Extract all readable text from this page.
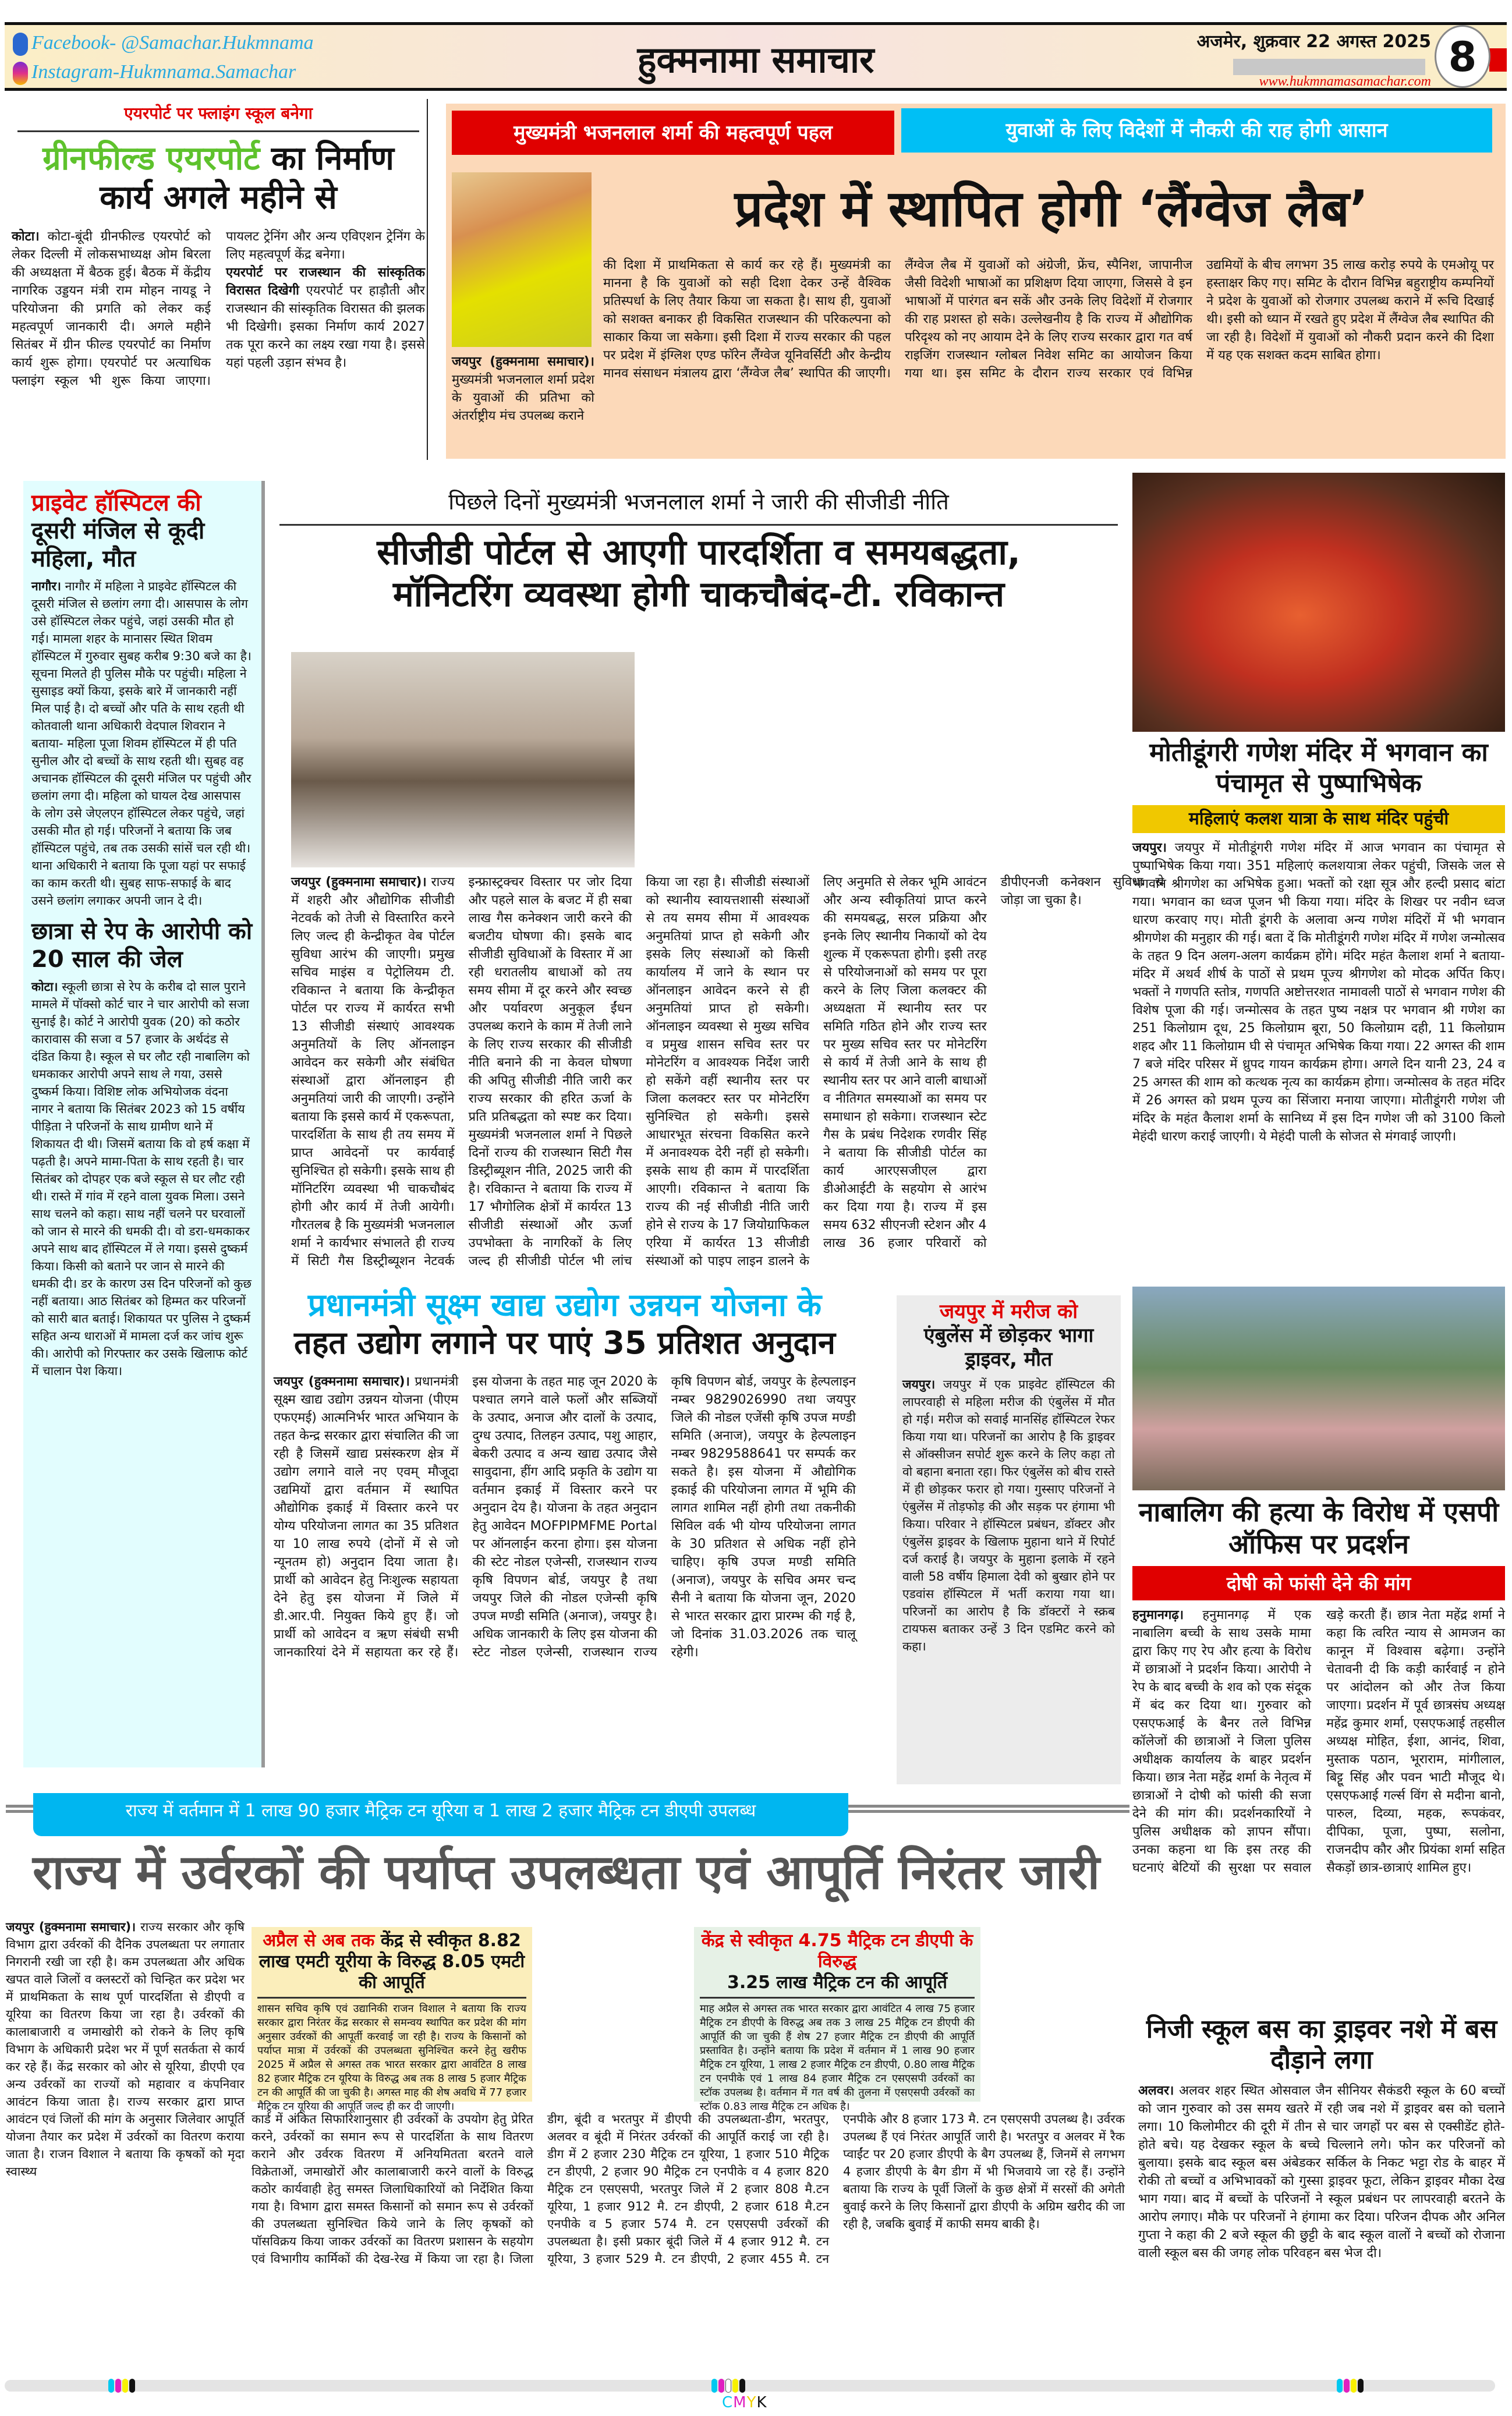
Facebook- @Samachar.Hukmnama
Instagram-Hukmnama.Samachar	हुक्मनामा समाचार	अजमेर, शुक्रवार 22 अगस्त 2025
www.hukmnamasamachar.com
8
एयरपोर्ट पर फ्लाइंग स्कूल बनेगा
ग्रीनफील्ड एयरपोर्ट का निर्माण
कार्य अगले महीने से
कोटा। कोटा-बूंदी ग्रीनफील्ड एयरपोर्ट को लेकर दिल्ली में लोकसभाध्यक्ष ओम बिरला की अध्यक्षता में बैठक हुई। बैठक में केंद्रीय नागरिक उड्डयन मंत्री राम मोहन नायडू ने परियोजना की प्रगति को लेकर कई महत्वपूर्ण जानकारी दी। अगले महीने सितंबर में ग्रीन फील्ड एयरपोर्ट का निर्माण कार्य शुरू होगा। एयरपोर्ट पर अत्याधिक फ्लाइंग स्कूल भी शुरू किया जाएगा। पायलट ट्रेनिंग और अन्य एविएशन ट्रेनिंग के लिए महत्वपूर्ण केंद्र बनेगा।
एयरपोर्ट पर राजस्थान की सांस्कृतिक विरासत दिखेगी एयरपोर्ट पर हाड़ौती और राजस्थान की सांस्कृतिक विरासत की झलक भी दिखेगी। इसका निर्माण कार्य 2027 तक पूरा करने का लक्ष्य रखा गया है। इससे यहां पहली उड़ान संभव है।
मुख्यमंत्री भजनलाल शर्मा की महत्वपूर्ण पहल	युवाओं के लिए विदेशों में नौकरी की राह होगी आसान
प्रदेश में स्थापित होगी ‘लैंग्वेज लैब’
जयपुर (हुक्मनामा समाचार)। मुख्यमंत्री भजनलाल शर्मा प्रदेश के युवाओं की प्रतिभा को अंतर्राष्ट्रीय मंच उपलब्ध कराने
की दिशा में प्राथमिकता से कार्य कर रहे हैं। मुख्यमंत्री का मानना है कि युवाओं को सही दिशा देकर उन्हें वैश्विक प्रतिस्पर्धा के लिए तैयार किया जा सकता है। साथ ही, युवाओं को सशक्त बनाकर ही विकसित राजस्थान की परिकल्पना को साकार किया जा सकेगा। इसी दिशा में राज्य सरकार की पहल पर प्रदेश में इंग्लिश एण्ड फॉरेन लैंग्वेज यूनिवर्सिटी और केन्द्रीय मानव संसाधन मंत्रालय द्वारा ‘लैंग्वेज लैब’ स्थापित की जाएगी। लैंग्वेज लैब में युवाओं को अंग्रेजी, फ्रेंच, स्पैनिश, जापानीज जैसी विदेशी भाषाओं का प्रशिक्षण दिया जाएगा, जिससे वे इन भाषाओं में पारंगत बन सकें और उनके लिए विदेशों में रोजगार की राह प्रशस्त हो सके। उल्लेखनीय है कि राज्य में औद्योगिक परिदृश्य को नए आयाम देने के लिए राज्य सरकार द्वारा गत वर्ष राइजिंग राजस्थान ग्लोबल निवेश समिट का आयोजन किया गया था। इस समिट के दौरान राज्य सरकार एवं विभिन्न उद्यमियों के बीच लगभग 35 लाख करोड़ रुपये के एमओयू पर हस्ताक्षर किए गए। समिट के दौरान विभिन्न बहुराष्ट्रीय कम्पनियों ने प्रदेश के युवाओं को रोजगार उपलब्ध कराने में रूचि दिखाई थी। इसी को ध्यान में रखते हुए प्रदेश में लैंग्वेज लैब स्थापित की जा रही है। विदेशों में युवाओं को नौकरी प्रदान करने की दिशा में यह एक सशक्त कदम साबित होगा।
प्राइवेट हॉस्पिटल की
दूसरी मंजिल से कूदी महिला, मौत
नागौर। नागौर में महिला ने प्राइवेट हॉस्पिटल की दूसरी मंजिल से छलांग लगा दी। आसपास के लोग उसे हॉस्पिटल लेकर पहुंचे, जहां उसकी मौत हो गई। मामला शहर के मानासर स्थित शिवम हॉस्पिटल में गुरुवार सुबह करीब 9:30 बजे का है। सूचना मिलते ही पुलिस मौके पर पहुंची। महिला ने सुसाइड क्यों किया, इसके बारे में जानकारी नहीं मिल पाई है। दो बच्चों और पति के साथ रहती थी कोतवाली थाना अधिकारी वेदपाल शिवरान ने बताया- महिला पूजा शिवम हॉस्पिटल में ही पति सुनील और दो बच्चों के साथ रहती थी। सुबह वह अचानक हॉस्पिटल की दूसरी मंजिल पर पहुंची और छलांग लगा दी। महिला को घायल देख आसपास के लोग उसे जेएलएन हॉस्पिटल लेकर पहुंचे, जहां उसकी मौत हो गई। परिजनों ने बताया कि जब हॉस्पिटल पहुंचे, तब तक उसकी सांसें चल रही थी। थाना अधिकारी ने बताया कि पूजा यहां पर सफाई का काम करती थी। सुबह साफ-सफाई के बाद उसने छलांग लगाकर अपनी जान दे दी।
छात्रा से रेप के आरोपी को 20 साल की जेल
कोटा। स्कूली छात्रा से रेप के करीब दो साल पुराने मामले में पॉक्सो कोर्ट चार ने चार आरोपी को सजा सुनाई है। कोर्ट ने आरोपी युवक (20) को कठोर कारावास की सजा व 57 हजार के अर्थदंड से दंडित किया है। स्कूल से घर लौट रही नाबालिग को धमकाकर आरोपी अपने साथ ले गया, उससे दुष्कर्म किया। विशिष्ट लोक अभियोजक वंदना नागर ने बताया कि सितंबर 2023 को 15 वर्षीय पीड़िता ने परिजनों के साथ ग्रामीण थाने में शिकायत दी थी। जिसमें बताया कि वो हर्ष कक्षा में पढ़ती है। अपने मामा-पिता के साथ रहती है। चार सितंबर को दोपहर एक बजे स्कूल से घर लौट रही थी। रास्ते में गांव में रहने वाला युवक मिला। उसने साथ चलने को कहा। साथ नहीं चलने पर घरवालों को जान से मारने की धमकी दी। वो डरा-धमकाकर अपने साथ बाद हॉस्पिटल में ले गया। इससे दुष्कर्म किया। किसी को बताने पर जान से मारने की धमकी दी। डर के कारण उस दिन परिजनों को कुछ नहीं बताया। आठ सितंबर को हिम्मत कर परिजनों को सारी बात बताई। शिकायत पर पुलिस ने दुष्कर्म सहित अन्य धाराओं में मामला दर्ज कर जांच शुरू की। आरोपी को गिरफ्तार कर उसके खिलाफ कोर्ट में चालान पेश किया।
पिछले दिनों मुख्यमंत्री भजनलाल शर्मा ने जारी की सीजीडी नीति
सीजीडी पोर्टल से आएगी पारदर्शिता व समयबद्धता,
मॉनिटरिंग व्यवस्था होगी चाकचौबंद-टी. रविकान्त
जयपुर (हुक्मनामा समाचार)। राज्य में शहरी और औद्योगिक सीजीडी नेटवर्क को तेजी से विस्तारित करने लिए जल्द ही केन्द्रीकृत वेब पोर्टल सुविधा आरंभ की जाएगी। प्रमुख सचिव माइंस व पेट्रोलियम टी. रविकान्त ने बताया कि केन्द्रीकृत पोर्टल पर राज्य में कार्यरत सभी 13 सीजीडी संस्थाएं आवश्यक अनुमतियों के लिए ऑनलाइन आवेदन कर सकेगी और संबंधित संस्थाओं द्वारा ऑनलाइन ही अनुमतियां जारी की जाएगी। उन्होंने बताया कि इससे कार्य में एकरूपता, पारदर्शिता के साथ ही तय समय में प्राप्त आवेदनों पर कार्यवाई सुनिश्चित हो सकेगी। इसके साथ ही मॉनिटरिंग व्यवस्था भी चाकचौबंद होगी और कार्य में तेजी आयेगी। गौरतलब है कि मुख्यमंत्री भजनलाल शर्मा ने कार्यभार संभालते ही राज्य में सिटी गैस डिस्ट्रीब्यूशन नेटवर्क इन्फ्रास्ट्रक्चर विस्तार पर जोर दिया और पहले साल के बजट में ही सबा लाख गैस कनेक्शन जारी करने की बजटीय घोषणा की। इसके बाद सीजीडी सुविधाओं के विस्तार में आ रही धरातलीय बाधाओं को तय समय सीमा में दूर करने और स्वच्छ और पर्यावरण अनुकूल ईंधन उपलब्ध कराने के काम में तेजी लाने के लिए राज्य सरकार की सीजीडी नीति बनाने की ना केवल घोषणा की अपितु सीजीडी नीति जारी कर राज्य सरकार की हरित ऊर्जा के प्रति प्रतिबद्धता को स्पष्ट कर दिया। मुख्यमंत्री भजनलाल शर्मा ने पिछले दिनों राज्य की राजस्थान सिटी गैस डिस्ट्रीब्यूशन नीति, 2025 जारी की है। रविकान्त ने बताया कि राज्य में 17 भौगोलिक क्षेत्रों में कार्यरत 13 सीजीडी संस्थाओं और ऊर्जा उपभोक्ता के नागरिकों के लिए जल्द ही सीजीडी पोर्टल भी लांच किया जा रहा है। सीजीडी संस्थाओं को स्थानीय स्वायत्तशासी संस्थाओं से तय समय सीमा में आवश्यक अनुमतियां प्राप्त हो सकेगी और इसके लिए संस्थाओं को किसी कार्यालय में जाने के स्थान पर ऑनलाइन आवेदन करने से ही अनुमतियां प्राप्त हो सकेगी। ऑनलाइन व्यवस्था से मुख्य सचिव व प्रमुख शासन सचिव स्तर पर मोनेटरिंग व आवश्यक निर्देश जारी हो सकेंगे वहीं स्थानीय स्तर पर जिला कलक्टर स्तर पर मोनेटरिंग सुनिश्चित हो सकेगी। इससे आधारभूत संरचना विकसित करने में अनावश्यक देरी नहीं हो सकेगी। इसके साथ ही काम में पारदर्शिता आएगी। रविकान्त ने बताया कि राज्य की नई सीजीडी नीति जारी होने से राज्य के 17 जियोग्राफिकल एरिया में कार्यरत 13 सीजीडी संस्थाओं को पाइप लाइन डालने के लिए अनुमति से लेकर भूमि आवंटन और अन्य स्वीकृतियां प्राप्त करने की समयबद्ध, सरल प्रक्रिया और इनके लिए स्थानीय निकायों को देय शुल्क में एकरूपता होगी। इसी तरह से परियोजनाओं को समय पर पूरा करने के लिए जिला कलक्टर की अध्यक्षता में स्थानीय स्तर पर समिति गठित होने और राज्य स्तर पर मुख्य सचिव स्तर पर मोनेटरिंग से कार्य में तेजी आने के साथ ही स्थानीय स्तर पर आने वाली बाधाओं व नीतिगत समस्याओं का समय पर समाधान हो सकेगा। राजस्थान स्टेट गैस के प्रबंध निदेशक रणवीर सिंह ने बताया कि सीजीडी पोर्टल का कार्य आरएसजीएल द्वारा डीओआईटी के सहयोग से आरंभ कर दिया गया है। राज्य में इस समय 632 सीएनजी स्टेशन और 4 लाख 36 हजार परिवारों को डीपीएनजी कनेक्शन सुविधा से जोड़ा जा चुका है।
मोतीडूंगरी गणेश मंदिर में भगवान का पंचामृत से पुष्पाभिषेक
महिलाएं कलश यात्रा के साथ मंदिर पहुंची
जयपुर। जयपुर में मोतीडूंगरी गणेश मंदिर में आज भगवान का पंचामृत से पुष्पाभिषेक किया गया। 351 महिलाएं कलशयात्रा लेकर पहुंची, जिसके जल से भगवान श्रीगणेश का अभिषेक हुआ। भक्तों को रक्षा सूत्र और हल्दी प्रसाद बांटा गया। भगवान का ध्वज पूजन भी किया गया। मंदिर के शिखर पर नवीन ध्वज धारण करवाए गए। मोती डूंगरी के अलावा अन्य गणेश मंदिरों में भी भगवान श्रीगणेश की मनुहार की गई। बता दें कि मोतीडूंगरी गणेश मंदिर में गणेश जन्मोत्सव के तहत 9 दिन अलग-अलग कार्यक्रम होंगे। मंदिर महंत कैलाश शर्मा ने बताया- मंदिर में अथर्व शीर्ष के पाठों से प्रथम पूज्य श्रीगणेश को मोदक अर्पित किए। भक्तों ने गणपति स्तोत्र, गणपति अष्टोत्तरशत नामावली पाठों से भगवान गणेश की विशेष पूजा की गई। जन्मोत्सव के तहत पुष्य नक्षत्र पर भगवान श्री गणेश का 251 किलोग्राम दूध, 25 किलोग्राम बूरा, 50 किलोग्राम दही, 11 किलोग्राम शहद और 11 किलोग्राम घी से पंचामृत अभिषेक किया गया। 22 अगस्त की शाम 7 बजे मंदिर परिसर में ध्रुपद गायन कार्यक्रम होगा। अगले दिन यानी 23, 24 व 25 अगस्त की शाम को कत्थक नृत्य का कार्यक्रम होगा। जन्मोत्सव के तहत मंदिर में 26 अगस्त को प्रथम पूज्य का सिंजारा मनाया जाएगा। मोतीडूंगरी गणेश जी मंदिर के महंत कैलाश शर्मा के सानिध्य में इस दिन गणेश जी को 3100 किलो मेहंदी धारण कराई जाएगी। ये मेहंदी पाली के सोजत से मंगवाई जाएगी।
प्रधानमंत्री सूक्ष्म खाद्य उद्योग उन्नयन योजना के
तहत उद्योग लगाने पर पाएं 35 प्रतिशत अनुदान
जयपुर (हुक्मनामा समाचार)। प्रधानमंत्री सूक्ष्म खाद्य उद्योग उन्नयन योजना (पीएम एफएमई) आत्मनिर्भर भारत अभियान के तहत केन्द्र सरकार द्वारा संचालित की जा रही है जिसमें खाद्य प्रसंस्करण क्षेत्र में उद्योग लगाने वाले नए एवम् मौजूदा उद्यमियों द्वारा वर्तमान में स्थापित औद्योगिक इकाई में विस्तार करने पर योग्य परियोजना लागत का 35 प्रतिशत या 10 लाख रुपये (दोनों में से जो न्यूनतम हो) अनुदान दिया जाता है। प्रार्थी को आवेदन हेतु निःशुल्क सहायता देने हेतु इस योजना में जिले में डी.आर.पी. नियुक्त किये हुए हैं। जो प्रार्थी को आवेदन व ऋण संबंधी सभी जानकारियां देने में सहायता कर रहे हैं। इस योजना के तहत माह जून 2020 के पश्चात लगने वाले फलों और सब्जियों के उत्पाद, अनाज और दालों के उत्पाद, दुग्ध उत्पाद, तिलहन उत्पाद, पशु आहार, बेकरी उत्पाद व अन्य खाद्य उत्पाद जैसे सावुदाना, हींग आदि प्रकृति के उद्योग या वर्तमान इकाई में विस्तार करने पर अनुदान देय है। योजना के तहत अनुदान हेतु आवेदन MOFPIPMFME Portal पर ऑनलाईन करना होगा। इस योजना की स्टेट नोडल एजेन्सी, राजस्थान राज्य कृषि विपणन बोर्ड, जयपुर है तथा जयपुर जिले की नोडल एजेन्सी कृषि उपज मण्डी समिति (अनाज), जयपुर है। अधिक जानकारी के लिए इस योजना की स्टेट नोडल एजेन्सी, राजस्थान राज्य कृषि विपणन बोर्ड, जयपुर के हेल्पलाइन नम्बर 9829026990 तथा जयपुर जिले की नोडल एजेंसी कृषि उपज मण्डी समिति (अनाज), जयपुर के हेल्पलाइन नम्बर 9829588641 पर सम्पर्क कर सकते है। इस योजना में औद्योगिक इकाई की परियोजना लागत में भूमि की लागत शामिल नहीं होगी तथा तकनीकी सिविल वर्क भी योग्य परियोजना लागत के 30 प्रतिशत से अधिक नहीं होने चाहिए। कृषि उपज मण्डी समिति (अनाज), जयपुर के सचिव अमर चन्द सैनी ने बताया कि योजना जून, 2020 से भारत सरकार द्वारा प्रारम्भ की गई है, जो दिनांक 31.03.2026 तक चालू रहेगी।
जयपुर में मरीज को
एंबुलेंस में छोड़कर भागा ड्राइवर, मौत
जयपुर। जयपुर में एक प्राइवेट हॉस्पिटल की लापरवाही से महिला मरीज की एंबुलेंस में मौत हो गई। मरीज को सवाई मानसिंह हॉस्पिटल रेफर किया गया था। परिजनों का आरोप है कि ड्राइवर से ऑक्सीजन सपोर्ट शुरू करने के लिए कहा तो वो बहाना बनाता रहा। फिर एंबुलेंस को बीच रास्ते में ही छोड़कर फरार हो गया। गुस्साए परिजनों ने एंबुलेंस में तोड़फोड़ की और सड़क पर हंगामा भी किया। परिवार ने हॉस्पिटल प्रबंधन, डॉक्टर और एंबुलेंस ड्राइवर के खिलाफ मुहाना थाने में रिपोर्ट दर्ज कराई है। जयपुर के मुहाना इलाके में रहने वाली 58 वर्षीय हिमाला देवी को बुखार होने पर एडवांस हॉस्पिटल में भर्ती कराया गया था। परिजनों का आरोप है कि डॉक्टरों ने स्क्रब टायफस बताकर उन्हें 3 दिन एडमिट करने को कहा।
नाबालिग की हत्या के विरोध में एसपी ऑफिस पर प्रदर्शन
दोषी को फांसी देने की मांग
हनुमानगढ़। हनुमानगढ़ में एक नाबालिग बच्ची के साथ उसके मामा द्वारा किए गए रेप और हत्या के विरोध में छात्राओं ने प्रदर्शन किया। आरोपी ने रेप के बाद बच्ची के शव को एक संदूक में बंद कर दिया था। गुरुवार को एसएफआई के बैनर तले विभिन्न कॉलेजों की छात्राओं ने जिला पुलिस अधीक्षक कार्यालय के बाहर प्रदर्शन किया। छात्र नेता महेंद्र शर्मा के नेतृत्व में छात्राओं ने दोषी को फांसी की सजा देने की मांग की। प्रदर्शनकारियों ने पुलिस अधीक्षक को ज्ञापन सौंपा। उनका कहना था कि इस तरह की घटनाएं बेटियों की सुरक्षा पर सवाल खड़े करती हैं। छात्र नेता महेंद्र शर्मा ने कहा कि त्वरित न्याय से आमजन का कानून में विश्वास बढ़ेगा। उन्होंने चेतावनी दी कि कड़ी कार्रवाई न होने पर आंदोलन को और तेज किया जाएगा। प्रदर्शन में पूर्व छात्रसंघ अध्यक्ष महेंद्र कुमार शर्मा, एसएफआई तहसील अध्यक्ष मोहित, ईशा, आनंद, शिवा, मुस्ताक पठान, भूराराम, मांगीलाल, बिट्टू सिंह और पवन भाटी मौजूद थे। एसएफआई गर्ल्स विंग से मदीना बानो, पारुल, दिव्या, महक, रूपकंवर, दीपिका, पूजा, पुष्पा, सलोना, राजनदीप कौर और प्रियंका शर्मा सहित सैकड़ों छात्र-छात्राएं शामिल हुए।
राज्य में वर्तमान में 1 लाख 90 हजार मैट्रिक टन यूरिया व 1 लाख 2 हजार मैट्रिक टन डीएपी उपलब्ध
राज्य में उर्वरकों की पर्याप्त उपलब्धता एवं आपूर्ति निरंतर जारी
जयपुर (हुक्मनामा समाचार)। राज्य सरकार और कृषि विभाग द्वारा उर्वरकों की दैनिक उपलब्धता पर लगातार निगरानी रखी जा रही है। कम उपलब्धता और अधिक खपत वाले जिलों व क्लस्टरों को चिन्हित कर प्रदेश भर में प्राथमिकता के साथ पूर्ण पारदर्शिता से डीएपी व यूरिया का वितरण किया जा रहा है। उर्वरकों की कालाबाजारी व जमाखोरी को रोकने के लिए कृषि विभाग के अधिकारी प्रदेश भर में पूर्ण सतर्कता से कार्य कर रहे हैं। केंद्र सरकार को ओर से यूरिया, डीएपी एव अन्य उर्वरकों का राज्यों को महावार व कंपनिवार आवंटन किया जाता है। राज्य सरकार द्वारा प्राप्त आवंटन एवं जिलों की मांग के अनुसार जिलेवार आपूर्ति योजना तैयार कर प्रदेश में उर्वरकों का वितरण कराया जाता है। राजन विशाल ने बताया कि कृषकों को मृदा स्वास्थ्य
अप्रैल से अब तक केंद्र से स्वीकृत 8.82 लाख एमटी यूरीया के विरुद्ध 8.05 एमटी की आपूर्ति
शासन सचिव कृषि एवं उद्यानिकी राजन विशाल ने बताया कि राज्य सरकार द्वारा निरंतर केंद्र सरकार से समन्वय स्थापित कर प्रदेश की मांग अनुसार उर्वरकों की आपूर्ती करवाई जा रही है। राज्य के किसानों को पर्याप्त मात्रा में उर्वरकों की उपलब्धता सुनिश्चित करने हेतु खरीफ 2025 में अप्रैल से अगस्त तक भारत सरकार द्वारा आवंटित 8 लाख 82 हजार मैट्रिक टन यूरिया के विरुद्ध अब तक 8 लाख 5 हजार मैट्रिक टन की आपूर्ति की जा चुकी है। अगस्त माह की शेष अवधि में 77 हजार मैट्रिक टन यूरिया की आपूर्ति जल्द ही कर दी जाएगी।
केंद्र से स्वीकृत 4.75 मैट्रिक टन डीएपी के विरुद्ध
3.25 लाख मैट्रिक टन की आपूर्ति
माह अप्रैल से अगस्त तक भारत सरकार द्वारा आवंटित 4 लाख 75 हजार मैट्रिक टन डीएपी के विरुद्ध अब तक 3 लाख 25 मैट्रिक टन डीएपी की आपूर्ति की जा चुकी हैं शेष 27 हजार मैट्रिक टन डीएपी की आपूर्ति प्रस्तावित है। उन्होंने बताया कि प्रदेश में वर्तमान में 1 लाख 90 हजार मैट्रिक टन यूरिया, 1 लाख 2 हजार मैट्रिक टन डीएपी, 0.80 लाख मैट्रिक टन एनपीके एवं 1 लाख 84 हजार मैट्रिक टन एसएसपी उर्वरकों का स्टॉक उपलब्ध है। वर्तमान में गत वर्ष की तुलना में एसएसपी उर्वरकों का स्टॉक 0.83 लाख मैट्रिक टन अधिक है।
कार्ड में अंकित सिफारिशानुसार ही उर्वरकों के उपयोग हेतु प्रेरित करने, उर्वरकों का समान रूप से पारदर्शिता के साथ वितरण कराने और उर्वरक वितरण में अनियमितता बरतने वाले विक्रेताओं, जमाखोरों और कालाबाजारी करने वालों के विरुद्ध कठोर कार्यवाही हेतु समस्त जिलाधिकारियों को निर्देशित किया गया है। विभाग द्वारा समस्त किसानों को समान रूप से उर्वरकों की उपलब्धता सुनिश्चित किये जाने के लिए कृषकों को पॉसविक्रय किया जाकर उर्वरकों का वितरण प्रशासन के सहयोग एवं विभागीय कार्मिकों की देख-रेख में किया जा रहा है। जिला डीग, बूंदी व भरतपुर में डीएपी की उपलब्धता-डीग, भरतपुर, अलवर व बूंदी में निरंतर उर्वरकों की आपूर्ति कराई जा रही है। डीग में 2 हजार 230 मैट्रिक टन यूरिया, 1 हजार 510 मैट्रिक टन डीएपी, 2 हजार 90 मैट्रिक टन एनपीके व 4 हजार 820 मैट्रिक टन एसएसपी, भरतपुर जिले में 2 हजार 808 मै.टन यूरिया, 1 हजार 912 मै. टन डीएपी, 2 हजार 618 मै.टन एनपीके व 5 हजार 574 मै. टन एसएसपी उर्वरकों की उपलब्धता है। इसी प्रकार बूंदी जिले में 4 हजार 912 मै. टन यूरिया, 3 हजार 529 मै. टन डीएपी, 2 हजार 455 मै. टन एनपीके और 8 हजार 173 मै. टन एसएसपी उपलब्ध है। उर्वरक उपलब्ध हैं एवं निरंतर आपूर्ति जारी है। भरतपुर व अलवर में रैक प्वाईंट पर 20 हजार डीएपी के बैग उपलब्ध हैं, जिनमें से लगभग 4 हजार डीएपी के बैग डीग में भी भिजवाये जा रहे हैं। उन्होंने बताया कि राज्य के पूर्वी जिलों के कुछ क्षेत्रों में सरसों की अगेती बुवाई करने के लिए किसानों द्वारा डीएपी के अग्रिम खरीद की जा रही है, जबकि बुवाई में काफी समय बाकी है।
निजी स्कूल बस का ड्राइवर नशे में बस दौड़ाने लगा
अलवर। अलवर शहर स्थित ओसवाल जैन सीनियर सैकंडरी स्कूल के 60 बच्चों को जान गुरुवार को उस समय खतरे में रही जब नशे में ड्राइवर बस को चलाने लगा। 10 किलोमीटर की दूरी में तीन से चार जगहों पर बस से एक्सीडेंट होते-होते बचे। यह देखकर स्कूल के बच्चे चिल्लाने लगे। फोन कर परिजनों को बुलाया। इसके बाद स्कूल बस अंबेडकर सर्किल के निकट भट्टा रोड के बाहर में रोकी तो बच्चों व अभिभावकों को गुस्सा ड्राइवर फूटा, लेकिन ड्राइवर मौका देख भाग गया। बाद में बच्चों के परिजनों ने स्कूल प्रबंधन पर लापरवाही बरतने के आरोप लगाए। मौके पर परिजनों ने हंगामा कर दिया। परिजन दीपक और अनिल गुप्ता ने कहा की 2 बजे स्कूल की छुट्टी के बाद स्कूल वालों ने बच्चों को रोजाना वाली स्कूल बस की जगह लोक परिवहन बस भेज दी।
CMYK
